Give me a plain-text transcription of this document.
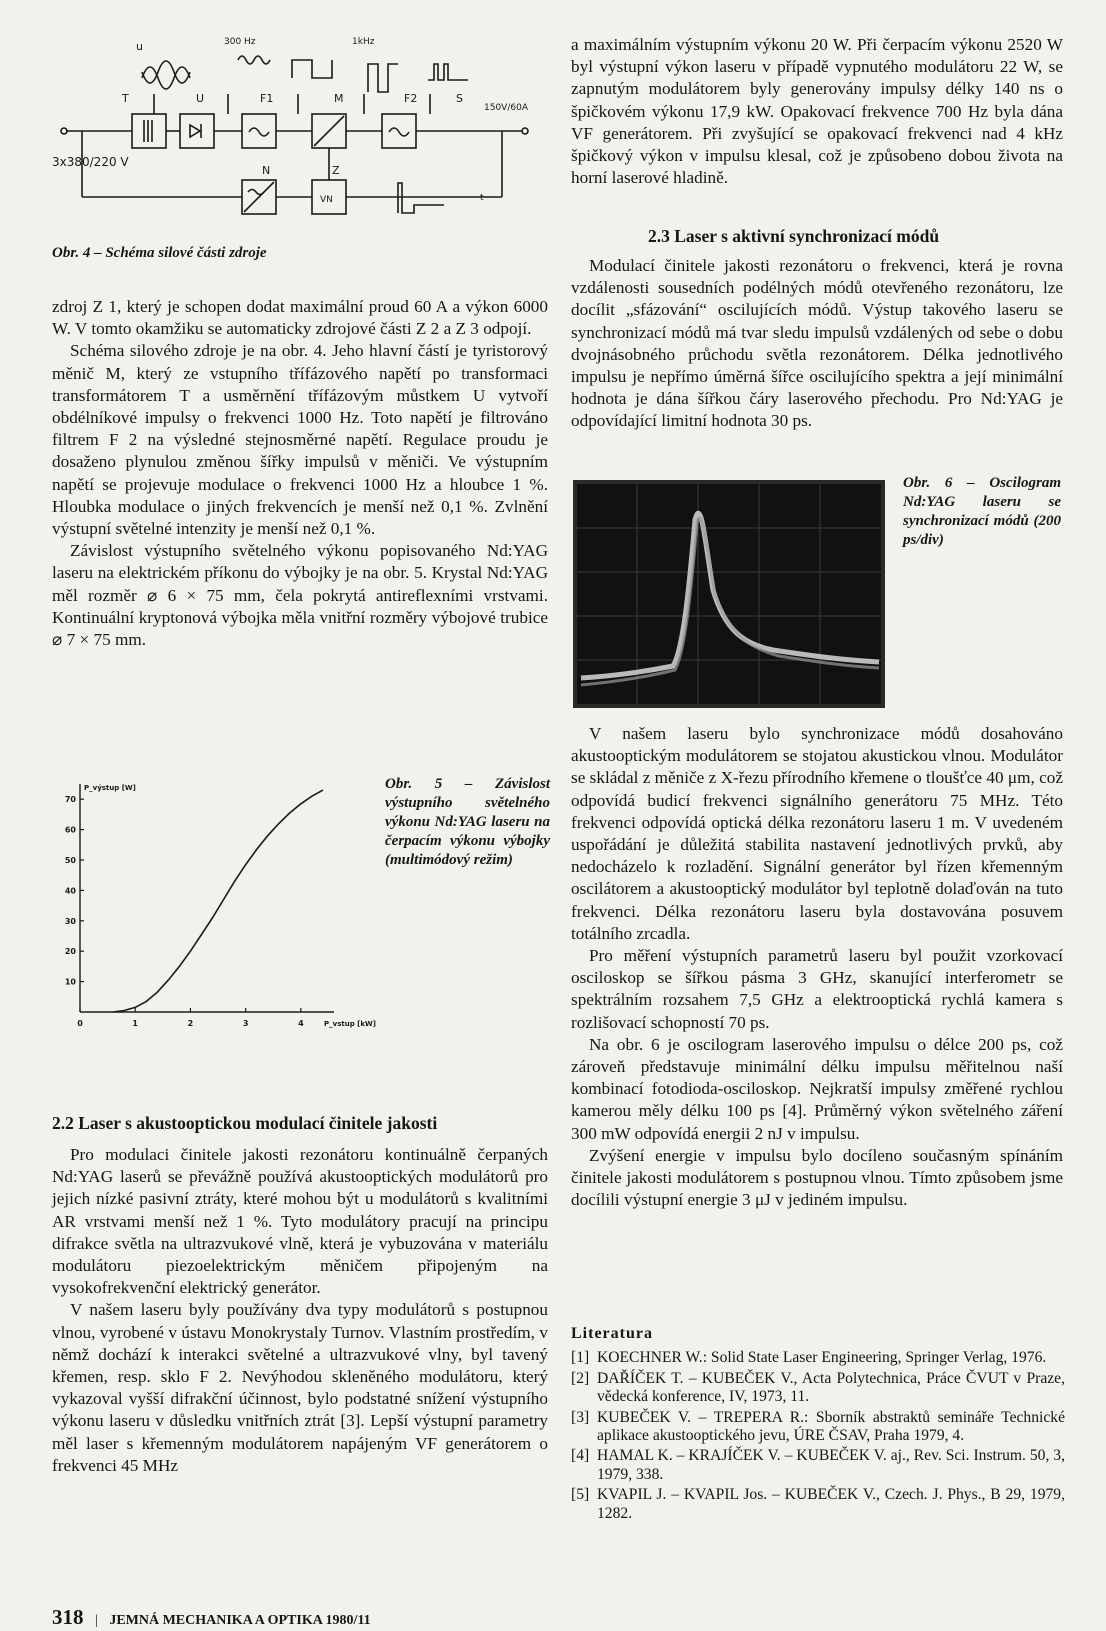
u	300 Hz	1kHz
T	U	F1	M	F2	S
N	Z
VN
3x380/220 V
150V/60A
t
Obr. 4 – Schéma silové části zdroje

zdroj Z 1, který je schopen dodat maximální proud 60 A a výkon 6000 W. V tomto okamžiku se automaticky zdrojové části Z 2 a Z 3 odpojí.

Schéma silového zdroje je na obr. 4. Jeho hlavní částí je tyristorový měnič M, který ze vstupního třífázového napětí po transformaci transformátorem T a usměrnění třífázovým můstkem U vytvoří obdélníkové impulsy o frekvenci 1000 Hz. Toto napětí je filtrováno filtrem F 2 na výsledné stejnosměrné napětí. Regulace proudu je dosaženo plynulou změnou šířky impulsů v měniči. Ve výstupním napětí se projevuje modulace o frekvenci 1000 Hz a hloubce 1 %. Hloubka modulace o jiných frekvencích je menší než 0,1 %. Zvlnění výstupní světelné intenzity je menší než 0,1 %.

Závislost výstupního světelného výkonu popisovaného Nd:YAG laseru na elektrickém příkonu do výbojky je na obr. 5. Krystal Nd:YAG měl rozměr ⌀ 6 × 75 mm, čela pokrytá antireflexními vrstvami. Kontinuální kryptonová výbojka měla vnitřní rozměry výbojové trubice ⌀ 7 × 75 mm.

10
20
30
40
50
60
70
0	1	2	3	4
P_výstup [W]
P_vstup [kW]
Obr. 5 – Závislost výstupního světelného výkonu Nd:YAG laseru na čerpacím výkonu výbojky (multimódový režim)
2.2 Laser s akustooptickou modulací činitele jakosti

Pro modulaci činitele jakosti rezonátoru kontinuálně čerpaných Nd:YAG laserů se převážně používá akustooptických modulátorů pro jejich nízké pasivní ztráty, které mohou být u modulátorů s kvalitními AR vrstvami menší než 1 %. Tyto modulátory pracují na principu difrakce světla na ultrazvukové vlně, která je vybuzována v materiálu modulátoru piezoelektrickým měničem připojeným na vysokofrekvenční elektrický generátor.

V našem laseru byly používány dva typy modulátorů s postupnou vlnou, vyrobené v ústavu Monokrystaly Turnov. Vlastním prostředím, v němž dochází k interakci světelné a ultrazvukové vlny, byl tavený křemen, resp. sklo F 2. Nevýhodou skleněného modulátoru, který vykazoval vyšší difrakční účinnost, bylo podstatné snížení výstupního výkonu laseru v důsledku vnitřních ztrát [3]. Lepší výstupní parametry měl laser s křemenným modulátorem napájeným VF generátorem o frekvenci 45 MHz

a maximálním výstupním výkonu 20 W. Při čerpacím výkonu 2520 W byl výstupní výkon laseru v případě vypnutého modulátoru 22 W, se zapnutým modulátorem byly generovány impulsy délky 140 ns o špičkovém výkonu 17,9 kW. Opakovací frekvence 700 Hz byla dána VF generátorem. Při zvyšující se opakovací frekvenci nad 4 kHz špičkový výkon v impulsu klesal, což je způsobeno dobou života na horní laserové hladině.

2.3 Laser s aktivní synchronizací módů

Modulací činitele jakosti rezonátoru o frekvenci, která je rovna vzdálenosti sousedních podélných módů otevřeného rezonátoru, lze docílit „sfázování“ oscilujících módů. Výstup takového laseru se synchronizací módů má tvar sledu impulsů vzdálených od sebe o dobu dvojnásobného průchodu světla rezonátorem. Délka jednotlivého impulsu je nepřímo úměrná šířce oscilujícího spektra a její minimální hodnota je dána šířkou čáry laserového přechodu. Pro Nd:YAG je odpovídající limitní hodnota 30 ps.

Obr. 6 – Oscilogram Nd:YAG laseru se synchronizací módů (200 ps/div)

V našem laseru bylo synchronizace módů dosahováno akustooptickým modulátorem se stojatou akustickou vlnou. Modulátor se skládal z měniče z X-řezu přírodního křemene o tloušťce 40 μm, což odpovídá budicí frekvenci signálního generátoru 75 MHz. Této frekvenci odpovídá optická délka rezonátoru laseru 1 m. V uvedeném uspořádání je důležitá stabilita nastavení jednotlivých prvků, aby nedocházelo k rozladění. Signální generátor byl řízen křemenným oscilátorem a akustooptický modulátor byl teplotně dolaďován na tuto frekvenci. Délka rezonátoru laseru byla dostavována posuvem totálního zrcadla.

Pro měření výstupních parametrů laseru byl použit vzorkovací osciloskop se šířkou pásma 3 GHz, skanující interferometr se spektrálním rozsahem 7,5 GHz a elektrooptická rychlá kamera s rozlišovací schopností 70 ps.

Na obr. 6 je oscilogram laserového impulsu o délce 200 ps, což zároveň představuje minimální délku impulsu měřitelnou naší kombinací fotodioda-osciloskop. Nejkratší impulsy změřené rychlou kamerou měly délku 100 ps [4]. Průměrný výkon světelného záření 300 mW odpovídá energii 2 nJ v impulsu.

Zvýšení energie v impulsu bylo docíleno současným spínáním činitele jakosti modulátorem s postupnou vlnou. Tímto způsobem jsme docílili výstupní energie 3 μJ v jediném impulsu.

Literatura
[1] KOECHNER W.: Solid State Laser Engineering, Springer Verlag, 1976.
[2] DAŘÍČEK T. – KUBEČEK V., Acta Polytechnica, Práce ČVUT v Praze, vědecká konference, IV, 1973, 11.
[3] KUBEČEK V. – TREPERA R.: Sborník abstraktů semináře Technické aplikace akustooptického jevu, ÚRE ČSAV, Praha 1979, 4.
[4] HAMAL K. – KRAJÍČEK V. – KUBEČEK V. aj., Rev. Sci. Instrum. 50, 3, 1979, 338.
[5] KVAPIL J. – KVAPIL Jos. – KUBEČEK V., Czech. J. Phys., B 29, 1979, 1282.
318 | JEMNÁ MECHANIKA A OPTIKA 1980/11
